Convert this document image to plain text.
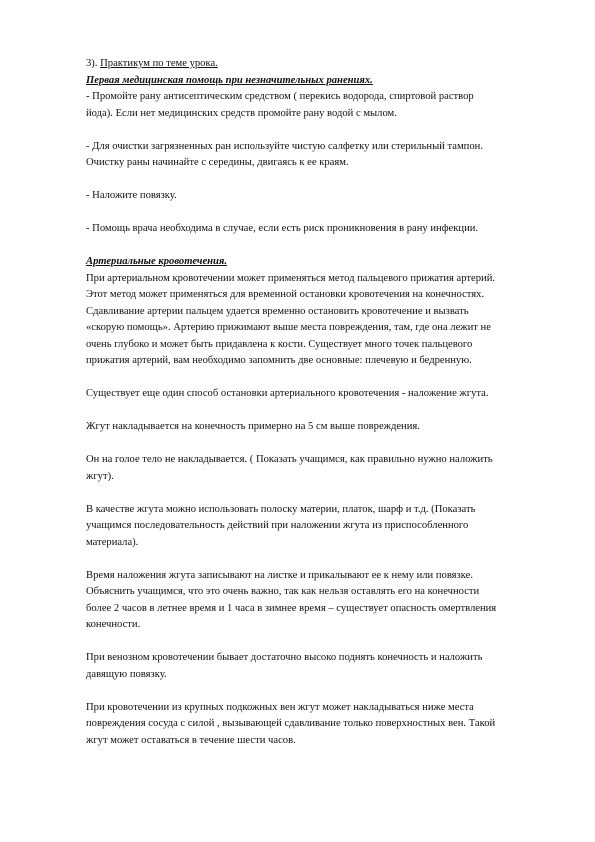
3). Практикум по теме урока.

Первая медицинская помощь при незначительных ранениях.

- Промойте рану антисептическим средством ( перекись водорода, спиртовой раствор
йода). Если нет медицинских средств промойте рану водой с мылом.

- Для очистки загрязненных ран используйте чистую салфетку или стерильный тампон.
Очистку раны начинайте с середины, двигаясь к ее краям.

- Наложите повязку.

- Помощь врача необходима в случае, если есть риск проникновения в рану инфекции.

Артериальные кровотечения.

При артериальном кровотечении может применяться метод пальцевого прижатия артерий.
Этот метод может применяться для временной остановки кровотечения на конечностях.
Сдавливание артерии пальцем удается временно остановить кровотечение и вызвать
«скорую помощь». Артерию прижимают выше места повреждения, там, где она лежит не
очень глубоко и может быть придавлена к кости. Существует много точек пальцевого
прижатия артерий, вам необходимо запомнить две основные: плечевую и бедренную.

Существует еще один способ остановки артериального кровотечения - наложение жгута.

Жгут накладывается на конечность примерно на 5 см выше повреждения.

Он на голое тело не накладывается. ( Показать учащимся, как правильно нужно наложить
жгут).

В качестве жгута можно использовать полоску материи, платок, шарф и т.д. (Показать
учащимся последовательность действий при наложении жгута из приспособленного
материала).

Время наложения жгута записывают на листке и прикалывают ее к нему или повязке.
Объяснить учащимся, что это очень важно, так как нельзя оставлять его на конечности
более 2 часов в летнее время и 1 часа в зимнее время – существует опасность омертвления
конечности.

При венозном кровотечении бывает достаточно высоко поднять конечность и наложить
давящую повязку.

При кровотечении из крупных подкожных вен жгут может накладываться ниже места
повреждения сосуда с силой , вызывающей сдавливание только поверхностных вен. Такой
жгут может оставаться в течение шести часов.
